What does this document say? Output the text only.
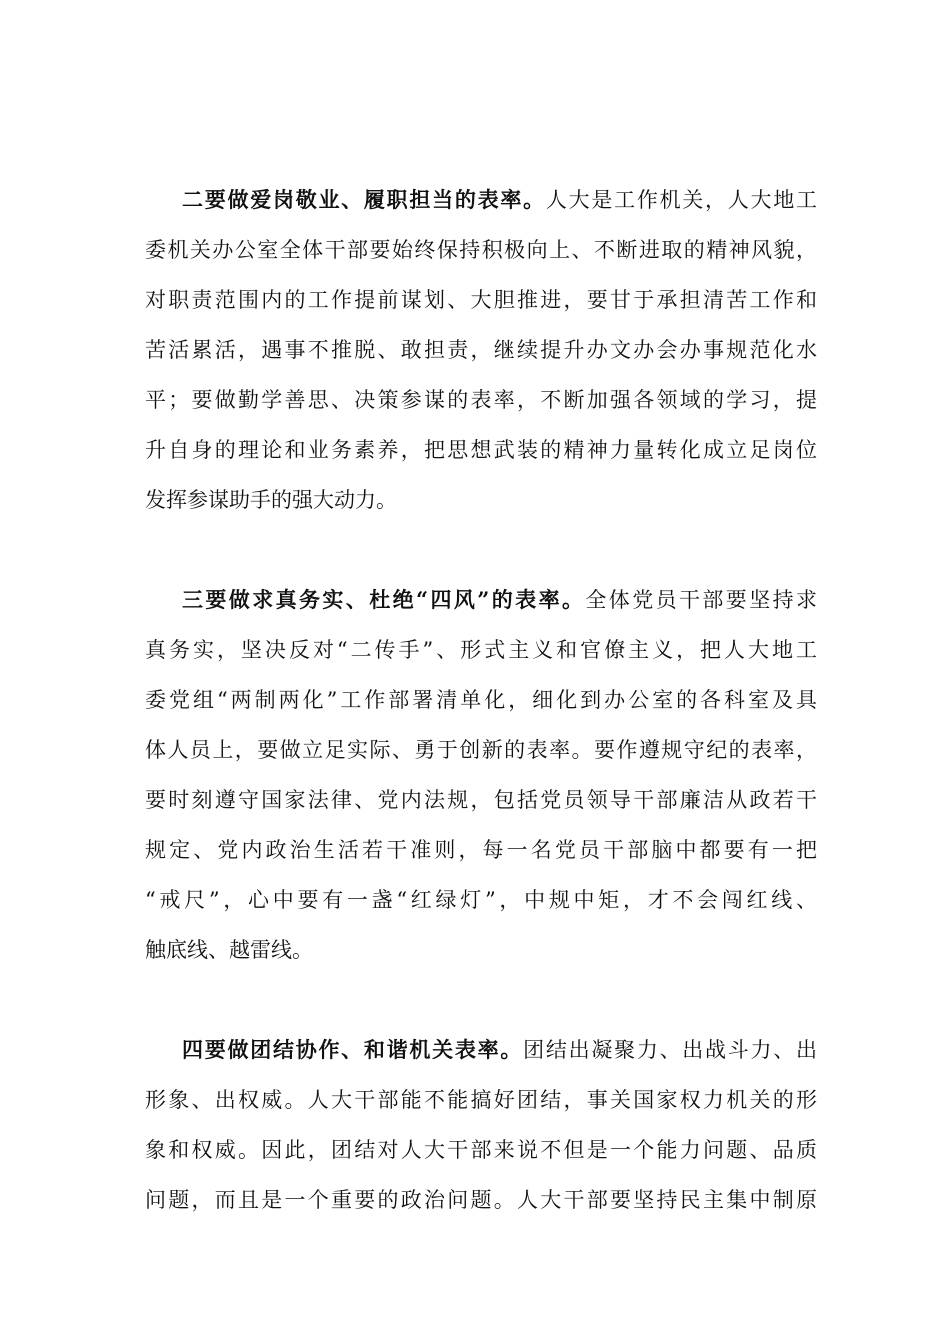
二要做爱岗敬业、履职担当的表率。人大是工作机关，人大地工
委机关办公室全体干部要始终保持积极向上、不断进取的精神风貌，
对职责范围内的工作提前谋划、大胆推进，要甘于承担清苦工作和
苦活累活，遇事不推脱、敢担责，继续提升办文办会办事规范化水
平；要做勤学善思、决策参谋的表率，不断加强各领域的学习，提
升自身的理论和业务素养，把思想武装的精神力量转化成立足岗位
发挥参谋助手的强大动力。
三要做求真务实、杜绝“四风”的表率。全体党员干部要坚持求
真务实，坚决反对“二传手”、形式主义和官僚主义，把人大地工
委党组“两制两化”工作部署清单化，细化到办公室的各科室及具
体人员上，要做立足实际、勇于创新的表率。要作遵规守纪的表率，
要时刻遵守国家法律、党内法规，包括党员领导干部廉洁从政若干
规定、党内政治生活若干准则，每一名党员干部脑中都要有一把
“戒尺”，心中要有一盏“红绿灯”，中规中矩，才不会闯红线、
触底线、越雷线。
四要做团结协作、和谐机关表率。团结出凝聚力、出战斗力、出
形象、出权威。人大干部能不能搞好团结，事关国家权力机关的形
象和权威。因此，团结对人大干部来说不但是一个能力问题、品质
问题，而且是一个重要的政治问题。人大干部要坚持民主集中制原
